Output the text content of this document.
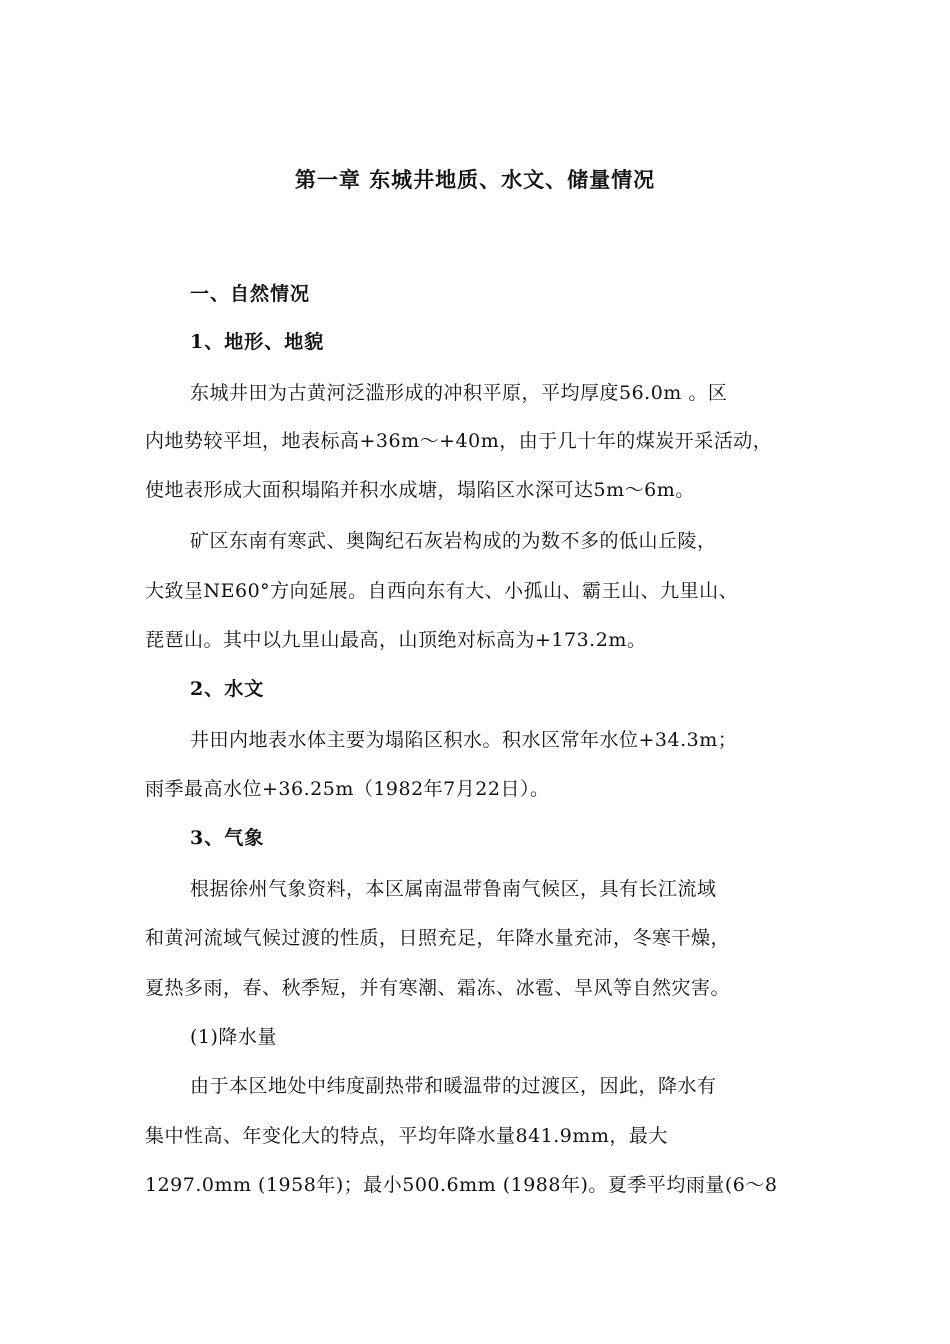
第一章 东城井地质、水文、储量情况
一、自然情况
1、地形、地貌
东城井田为古黄河泛滥形成的冲积平原，平均厚度56.0m 。区
内地势较平坦，地表标高+36m～+40m，由于几十年的煤炭开采活动，
使地表形成大面积塌陷并积水成塘，塌陷区水深可达5m～6m。
矿区东南有寒武、奥陶纪石灰岩构成的为数不多的低山丘陵，
大致呈NE60°方向延展。自西向东有大、小孤山、霸王山、九里山、
琵琶山。其中以九里山最高，山顶绝对标高为+173.2m。
2、水文
井田内地表水体主要为塌陷区积水。积水区常年水位+34.3m；
雨季最高水位+36.25m（1982年7月22日）。
3、气象
根据徐州气象资料，本区属南温带鲁南气候区，具有长江流域
和黄河流域气候过渡的性质，日照充足，年降水量充沛，冬寒干燥，
夏热多雨，春、秋季短，并有寒潮、霜冻、冰雹、旱风等自然灾害。
(1)降水量
由于本区地处中纬度副热带和暖温带的过渡区，因此，降水有
集中性高、年变化大的特点，平均年降水量841.9mm，最大
1297.0mm (1958年)；最小500.6mm (1988年)。夏季平均雨量(6～8
